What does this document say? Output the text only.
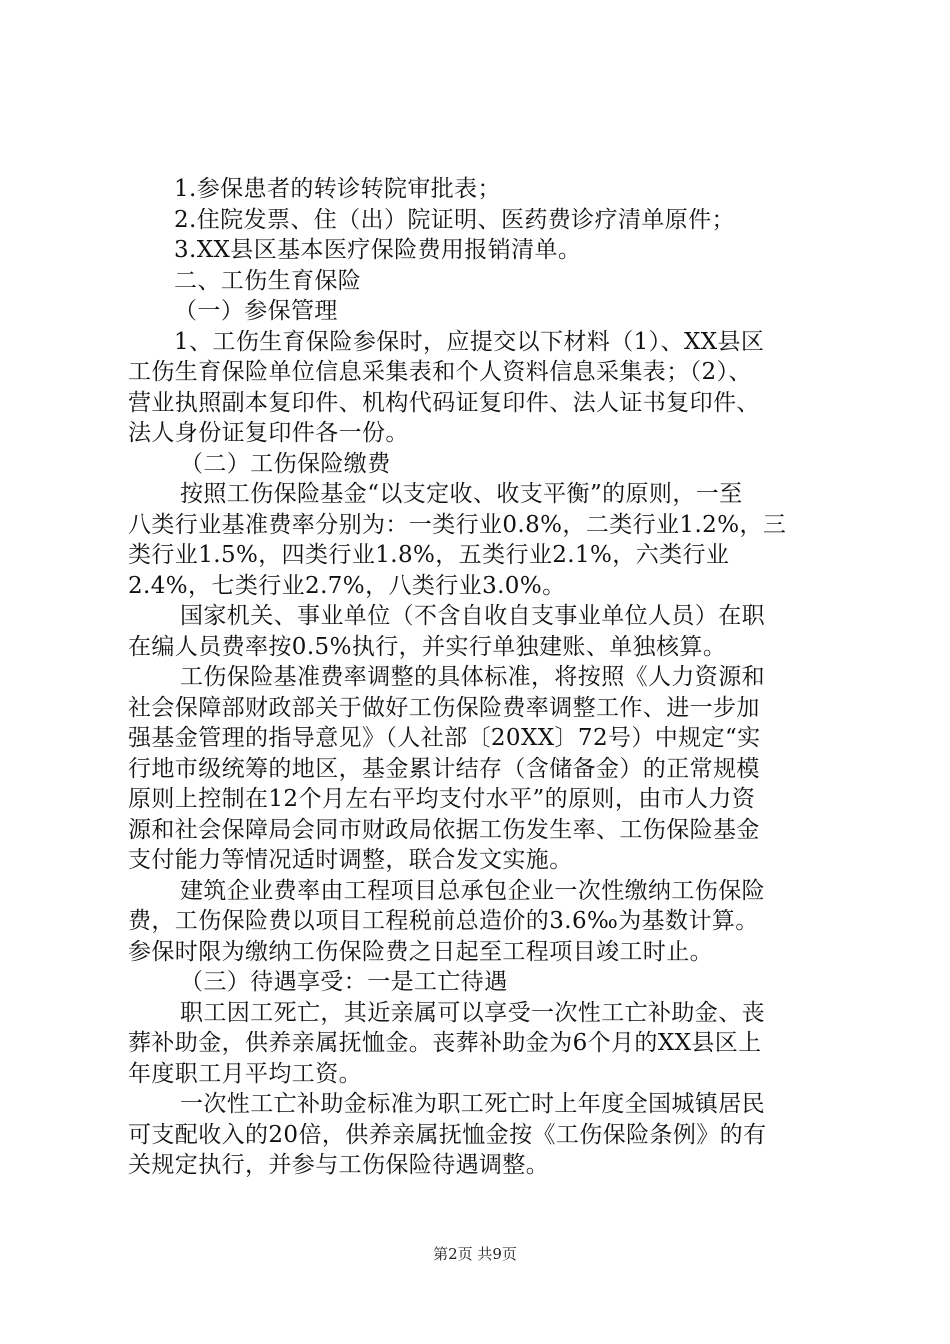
1.参保患者的转诊转院审批表；
2.住院发票、住（出）院证明、医药费诊疗清单原件；
3.XX县区基本医疗保险费用报销清单。
二、工伤生育保险
（一）参保管理
1、工伤生育保险参保时，应提交以下材料（1）、XX县区
工伤生育保险单位信息采集表和个人资料信息采集表；（2）、
营业执照副本复印件、机构代码证复印件、法人证书复印件、
法人身份证复印件各一份。
（二）工伤保险缴费
按照工伤保险基金“以支定收、收支平衡”的原则，一至
八类行业基准费率分别为：一类行业0.8%，二类行业1.2%，三
类行业1.5%，四类行业1.8%，五类行业2.1%，六类行业
2.4%，七类行业2.7%，八类行业3.0%。
国家机关、事业单位（不含自收自支事业单位人员）在职
在编人员费率按0.5%执行，并实行单独建账、单独核算。
工伤保险基准费率调整的具体标准，将按照《人力资源和
社会保障部财政部关于做好工伤保险费率调整工作、进一步加
强基金管理的指导意见》（人社部〔20XX〕72号）中规定“实
行地市级统筹的地区，基金累计结存（含储备金）的正常规模
原则上控制在12个月左右平均支付水平”的原则，由市人力资
源和社会保障局会同市财政局依据工伤发生率、工伤保险基金
支付能力等情况适时调整，联合发文实施。
建筑企业费率由工程项目总承包企业一次性缴纳工伤保险
费，工伤保险费以项目工程税前总造价的3.6‰为基数计算。
参保时限为缴纳工伤保险费之日起至工程项目竣工时止。
（三）待遇享受：一是工亡待遇
职工因工死亡，其近亲属可以享受一次性工亡补助金、丧
葬补助金，供养亲属抚恤金。丧葬补助金为6个月的XX县区上
年度职工月平均工资。
一次性工亡补助金标准为职工死亡时上年度全国城镇居民
可支配收入的20倍，供养亲属抚恤金按《工伤保险条例》的有
关规定执行，并参与工伤保险待遇调整。
第2页 共9页
